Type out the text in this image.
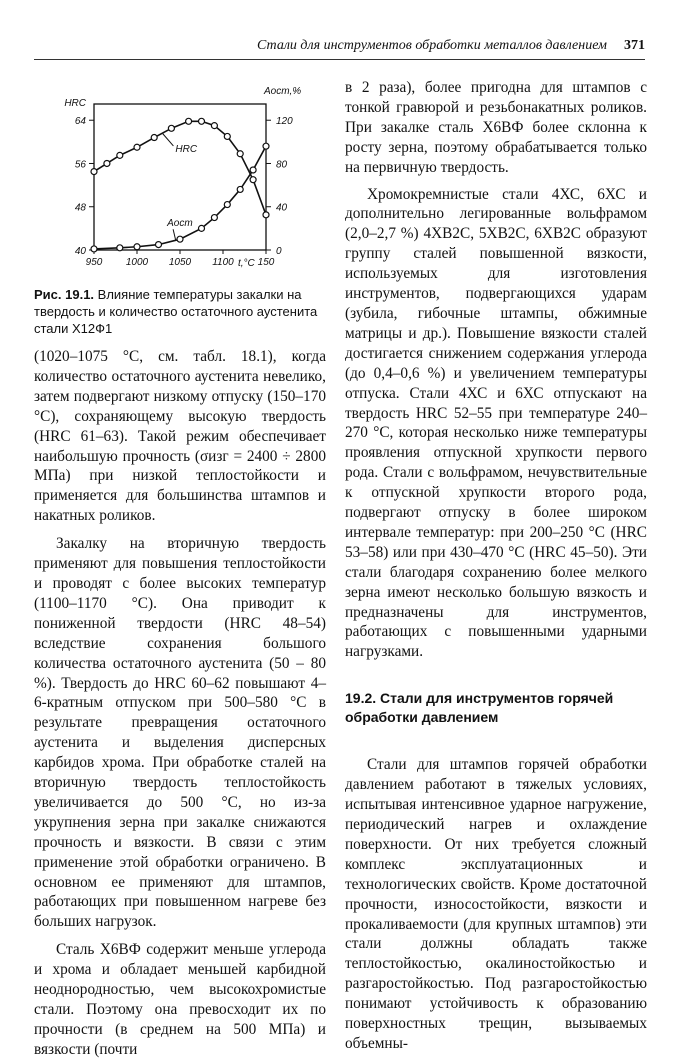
Стали для инструментов обработки металлов давлением 371
40
48
56
64
0
40
80
120
950 1000 1050 1100 150
t,°C
HRC
Aост,%
HRC
Aост
Рис. 19.1. Влияние температуры закалки на твердость и количество остаточного аустенита стали Х12Ф1

(1020–1075 °С, см. табл. 18.1), когда количество остаточного аустенита невелико, затем подвергают низкому отпуску (150–170 °С), сохраняющему высокую твердость (HRC 61–63). Такой режим обеспечивает наибольшую прочность (σизг = 2400 ÷ 2800 МПа) при низкой теплостойкости и применяется для большинства штампов и накатных роликов.

Закалку на вторичную твердость применяют для повышения теплостойкости и проводят с более высоких температур (1100–1170 °С). Она приводит к пониженной твердости (HRC 48–54) вследствие сохранения большого количества остаточного аустенита (50 – 80 %). Твердость до HRC 60–62 повышают 4–6-кратным отпуском при 500–580 °С в результате превращения остаточного аустенита и выделения дисперсных карбидов хрома. При обработке сталей на вторичную твердость теплостойкость увеличивается до 500 °С, но из-за укрупнения зерна при закалке снижаются прочность и вязкости. В связи с этим применение этой обработки ограничено. В основном ее применяют для штампов, работающих при повышенном нагреве без больших нагрузок.

Сталь Х6ВФ содержит меньше углерода и хрома и обладает меньшей карбидной неоднородностью, чем высокохромистые стали. Поэтому она превосходит их по прочности (в среднем на 500 МПа) и вязкости (почти

в 2 раза), более пригодна для штампов с тонкой гравюрой и резьбонакатных роликов. При закалке сталь Х6ВФ более склонна к росту зерна, поэтому обрабатывается только на первичную твердость.

Хромокремнистые стали 4ХС, 6ХС и дополнительно легированные вольфрамом (2,0–2,7 %) 4ХВ2С, 5ХВ2С, 6ХВ2С образуют группу сталей повышенной вязкости, используемых для изготовления инструментов, подвергающихся ударам (зубила, гибочные штампы, обжимные матрицы и др.). Повышение вязкости сталей достигается снижением содержания углерода (до 0,4–0,6 %) и увеличением температуры отпуска. Стали 4ХС и 6ХС отпускают на твердость HRC 52–55 при температуре 240–270 °С, которая несколько ниже температуры проявления отпускной хрупкости первого рода. Стали с вольфрамом, нечувствительные к отпускной хрупкости второго рода, подвергают отпуску в более широком интервале температур: при 200–250 °С (HRC 53–58) или при 430–470 °С (HRC 45–50). Эти стали благодаря сохранению более мелкого зерна имеют несколько большую вязкость и предназначены для инструментов, работающих с повышенными ударными нагрузками.

19.2. Стали для инструментов горячей обработки давлением

Стали для штампов горячей обработки давлением работают в тяжелых условиях, испытывая интенсивное ударное нагружение, периодический нагрев и охлаждение поверхности. От них требуется сложный комплекс эксплуатационных и технологических свойств. Кроме достаточной прочности, износостойкости, вязкости и прокаливаемости (для крупных штампов) эти стали должны обладать также теплостойкостью, окалиностойкостью и разгаростойкостью. Под разгаростойкостью понимают устойчивость к образованию поверхностных трещин, вызываемых объемны-
